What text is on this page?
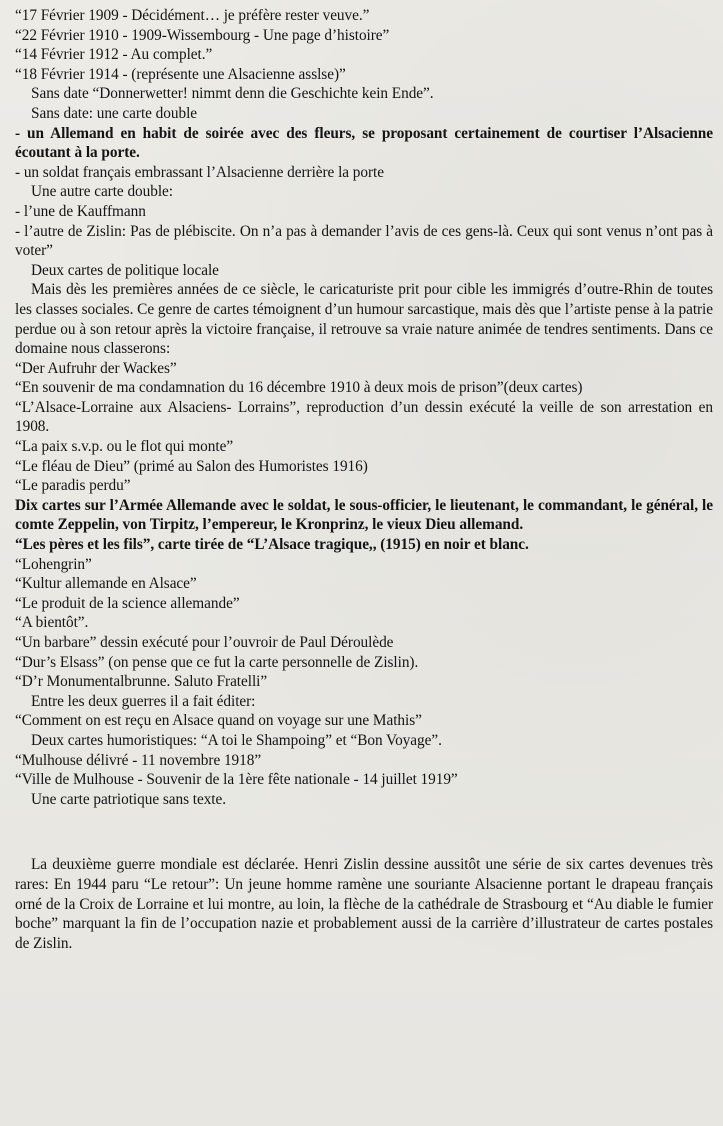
“17 Février 1909 - Décidément… je préfère rester veuve.”

“22 Février 1910 - 1909-Wissembourg - Une page d’histoire”

“14 Février 1912 - Au complet.”

“18 Février 1914 - (représente une Alsacienne asslse)”

Sans date “Donnerwetter! nimmt denn die Geschichte kein Ende”.

Sans date: une carte double

- un Allemand en habit de soirée avec des fleurs, se proposant certainement de courtiser l’Alsacienne écoutant à la porte.

- un soldat français embrassant l’Alsacienne derrière la porte

Une autre carte double:

- l’une de Kauffmann

- l’autre de Zislin: Pas de plébiscite. On n’a pas à demander l’avis de ces gens-là. Ceux qui sont venus n’ont pas à voter”

Deux cartes de politique locale

Mais dès les premières années de ce siècle, le caricaturiste prit pour cible les immigrés d’outre-Rhin de toutes les classes sociales. Ce genre de cartes témoignent d’un humour sarcastique, mais dès que l’artiste pense à la patrie perdue ou à son retour après la victoire française, il retrouve sa vraie nature animée de tendres sentiments. Dans ce domaine nous classerons:

“Der Aufruhr der Wackes”

“En souvenir de ma condamnation du 16 décembre 1910 à deux mois de prison”(deux cartes)

“L’Alsace-Lorraine aux Alsaciens- Lorrains”, reproduction d’un dessin exécuté la veille de son arrestation en 1908.

“La paix s.v.p. ou le flot qui monte”

“Le fléau de Dieu” (primé au Salon des Humoristes 1916)

“Le paradis perdu”

Dix cartes sur l’Armée Allemande avec le soldat, le sous-officier, le lieutenant, le commandant, le général, le comte Zeppelin, von Tirpitz, l’empereur, le Kronprinz, le vieux Dieu allemand.

“Les pères et les fils”, carte tirée de “L’Alsace tragique,, (1915) en noir et blanc.

“Lohengrin”

“Kultur allemande en Alsace”

“Le produit de la science allemande”

“A bientôt”.

“Un barbare” dessin exécuté pour l’ouvroir de Paul Déroulède

“Dur’s Elsass” (on pense que ce fut la carte personnelle de Zislin).

“D’r Monumentalbrunne. Saluto Fratelli”

Entre les deux guerres il a fait éditer:

“Comment on est reçu en Alsace quand on voyage sur une Mathis”

Deux cartes humoristiques: “A toi le Shampoing” et “Bon Voyage”.

“Mulhouse délivré - 11 novembre 1918”

“Ville de Mulhouse - Souvenir de la 1ère fête nationale - 14 juillet 1919”

Une carte patriotique sans texte.

La deuxième guerre mondiale est déclarée. Henri Zislin dessine aussitôt une série de six cartes devenues très rares: En 1944 paru “Le retour”: Un jeune homme ramène une souriante Alsacienne portant le drapeau français orné de la Croix de Lorraine et lui montre, au loin, la flèche de la cathédrale de Strasbourg et “Au diable le fumier boche” marquant la fin de l’occupation nazie et probablement aussi de la carrière d’illustrateur de cartes postales de Zislin.
